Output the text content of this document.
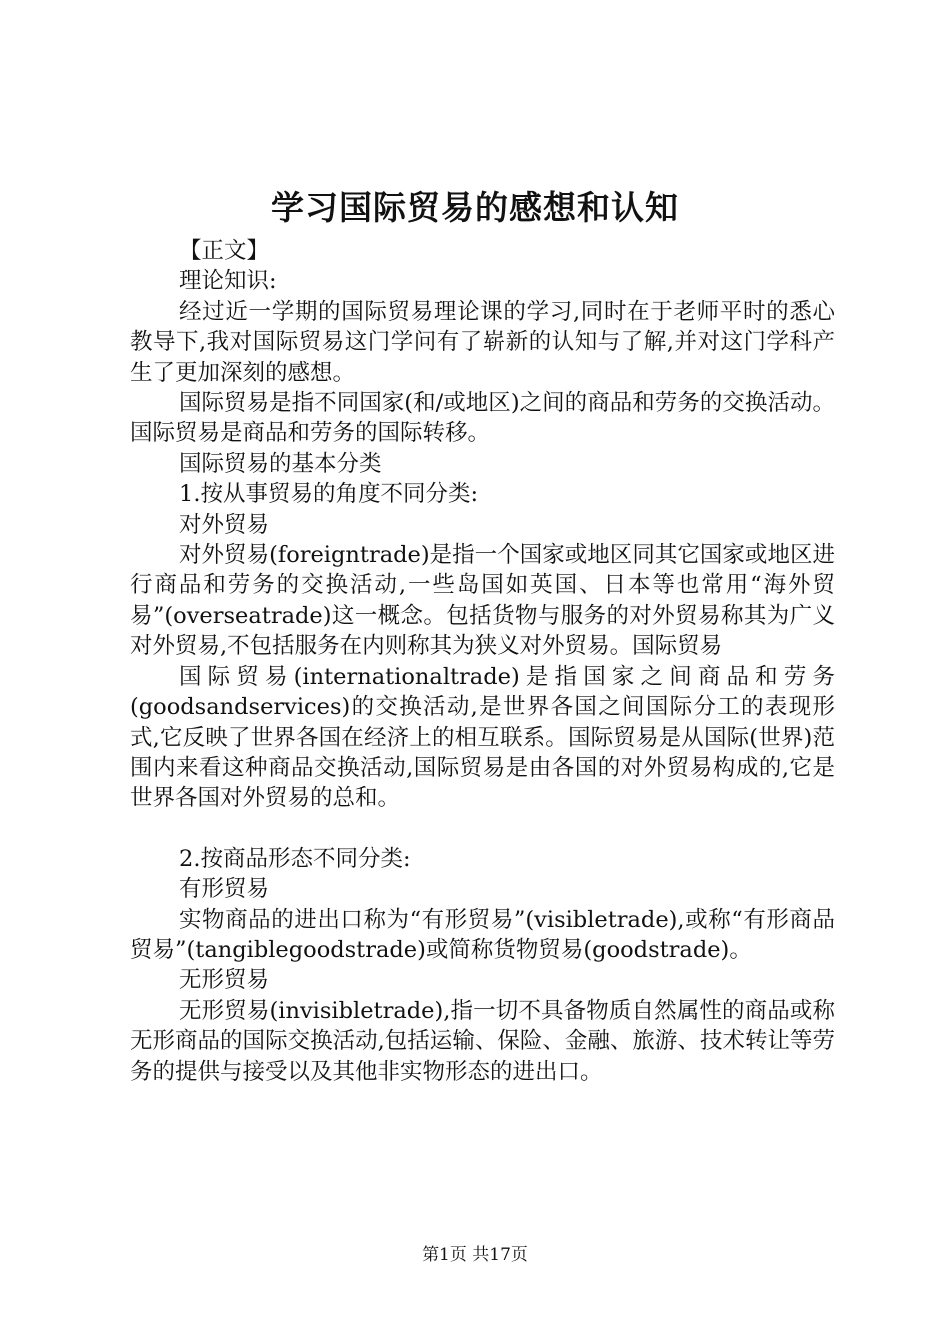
学习国际贸易的感想和认知

【正文】

理论知识:

经过近一学期的国际贸易理论课的学习,同时在于老师平时的悉心教导下,我对国际贸易这门学问有了崭新的认知与了解,并对这门学科产生了更加深刻的感想。

国际贸易是指不同国家(和/或地区)之间的商品和劳务的交换活动。国际贸易是商品和劳务的国际转移。

国际贸易的基本分类

1.按从事贸易的角度不同分类:

对外贸易

对外贸易(foreigntrade)是指一个国家或地区同其它国家或地区进行商品和劳务的交换活动,一些岛国如英国、日本等也常用“海外贸易”(overseatrade)这一概念。包括货物与服务的对外贸易称其为广义对外贸易,不包括服务在内则称其为狭义对外贸易。国际贸易

国际贸易(internationaltrade)是指国家之间商品和劳务(goodsandservices)的交换活动,是世界各国之间国际分工的表现形式,它反映了世界各国在经济上的相互联系。国际贸易是从国际(世界)范围内来看这种商品交换活动,国际贸易是由各国的对外贸易构成的,它是世界各国对外贸易的总和。

2.按商品形态不同分类:

有形贸易

实物商品的进出口称为“有形贸易”(visibletrade),或称“有形商品贸易”(tangiblegoodstrade)或简称货物贸易(goodstrade)。

无形贸易

无形贸易(invisibletrade),指一切不具备物质自然属性的商品或称无形商品的国际交换活动,包括运输、保险、金融、旅游、技术转让等劳务的提供与接受以及其他非实物形态的进出口。

第1页 共17页
